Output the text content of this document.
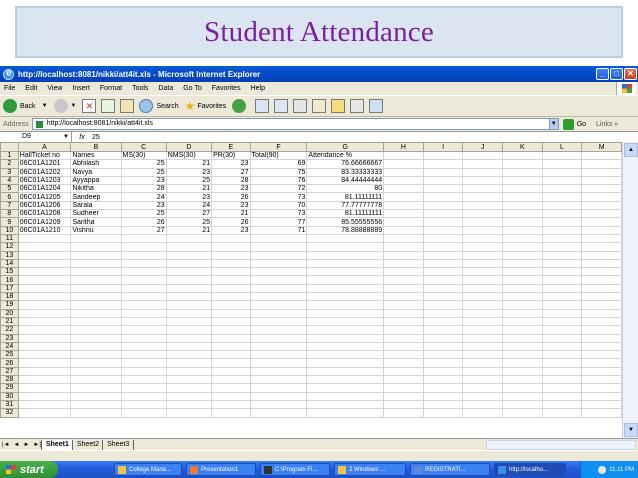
Student Attendance
e
http://localhost:8081/nikki/att4it.xls - Microsoft Internet Explorer	_	□	✕
File Edit View Insert Format Tools Data Go To Favorites Help
Back ▼	▼	✕	Search ★ Favorites
Address	http://localhost:8081/nikki/att4it.xls	▼	Go Links »
D9	▼	fx	25
	A	B	C	D	E	F	G	H	I	J	K	L	M
1	HallTicket no	Names	MS(30)	NMS(30)	PR(30)	Total(90)	Attendance %						
2	06C01A1201	Abhilash	25	21	23	69	76.66666667						
3	06C01A1202	Navya	25	23	27	75	83.33333333						
4	06C01A1203	Ayyappa	23	25	28	76	84.44444444						
5	06C01A1204	Nikitha	28	21	23	72	80						
6	06C01A1205	Sandeep	24	23	26	73	81.11111111						
7	06C01A1206	Sarala	23	24	23	70	77.77777778						
8	06C01A1208	Sudheer	25	27	21	73	81.11111111						
9	06C01A1209	Saritha	26	25	26	77	85.55555556						
10	06C01A1210	Vishnu	27	21	23	71	78.88888889						
11													
12													
13													
14													
15													
16													
17													
18													
19													
20													
21													
22													
23													
24													
25													
26													
27													
28													
29													
30													
31													
32													
▲
▼
|◄ ◄ ► ►| Sheet1	Sheet2	Sheet3
start	College Mana...	Presentation1	C:\Program Fi...	2 Windows ...	REGISTRATI...	http://localho...	11:11 PM
